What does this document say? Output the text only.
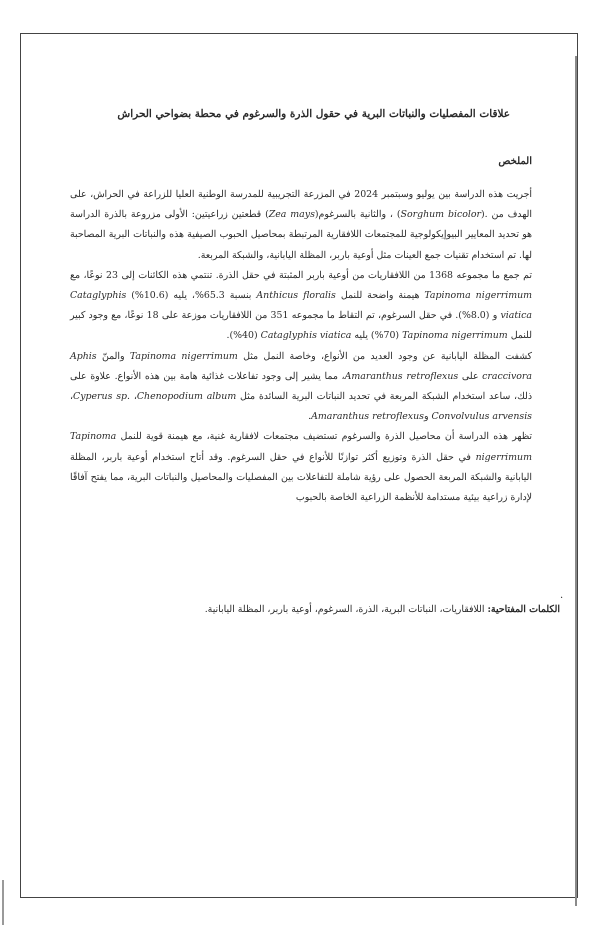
علاقات المفصليات والنباتات البرية في حقول الذرة والسرغوم في محطة بضواحي الحراش
الملخص

أجريت هذه الدراسة بين يوليو وسبتمبر 2024 في المزرعة التجريبية للمدرسة الوطنية العليا للزراعة في الحراش، على الهدف من .(Sorghum bicolor) ، والثانية بالسرغوم(Zea mays) قطعتين زراعيتين: الأولى مزروعة بالذرة الدراسة هو تحديد المعايير البيوإيكولوجية للمجتمعات اللافقارية المرتبطة بمحاصيل الحبوب الصيفية هذه والنباتات البرية المصاحبة لها. تم استخدام تقنيات جمع العينات مثل أوعية باربر، المظلة اليابانية، والشبكة المربعة.

تم جمع ما مجموعه 1368 من اللافقاريات من أوعية باربر المثبتة في حقل الذرة. تنتمي هذه الكائنات إلى 23 نوعًا، مع Tapinoma nigerrimum هيمنة واضحة للنمل Anthicus floralis بنسبة 65.3%، يليه (10.6%) Cataglyphis viatica و (8.0%). في حقل السرغوم، تم التقاط ما مجموعه 351 من اللافقاريات موزعة على 18 نوعًا، مع وجود كبير للنمل Tapinoma nigerrimum (70%) يليه Cataglyphis viatica (40%).

كشفت المظلة اليابانية عن وجود العديد من الأنواع، وخاصة النمل مثل Tapinoma nigerrimum والمنّ Aphis craccivora على Amaranthus retroflexus، مما يشير إلى وجود تفاعلات غذائية هامة بين هذه الأنواع. علاوة على ذلك، ساعد استخدام الشبكة المربعة في تحديد النباتات البرية السائدة مثل Chenopodium album، Cyperus sp.، Convolvulus arvensis وAmaranthus retroflexus.

تظهر هذه الدراسة أن محاصيل الذرة والسرغوم تستضيف مجتمعات لافقارية غنية، مع هيمنة قوية للنمل Tapinoma nigerrimum في حقل الذرة وتوزيع أكثر توازنًا للأنواع في حقل السرغوم. وقد أتاح استخدام أوعية باربر، المظلة اليابانية والشبكة المربعة الحصول على رؤية شاملة للتفاعلات بين المفصليات والمحاصيل والنباتات البرية، مما يفتح آفاقًا لإدارة زراعية بيئية مستدامة للأنظمة الزراعية الخاصة بالحبوب

.
الكلمات المفتاحية: اللافقاريات، النباتات البرية، الذرة، السرغوم، أوعية باربر، المظلة اليابانية.
